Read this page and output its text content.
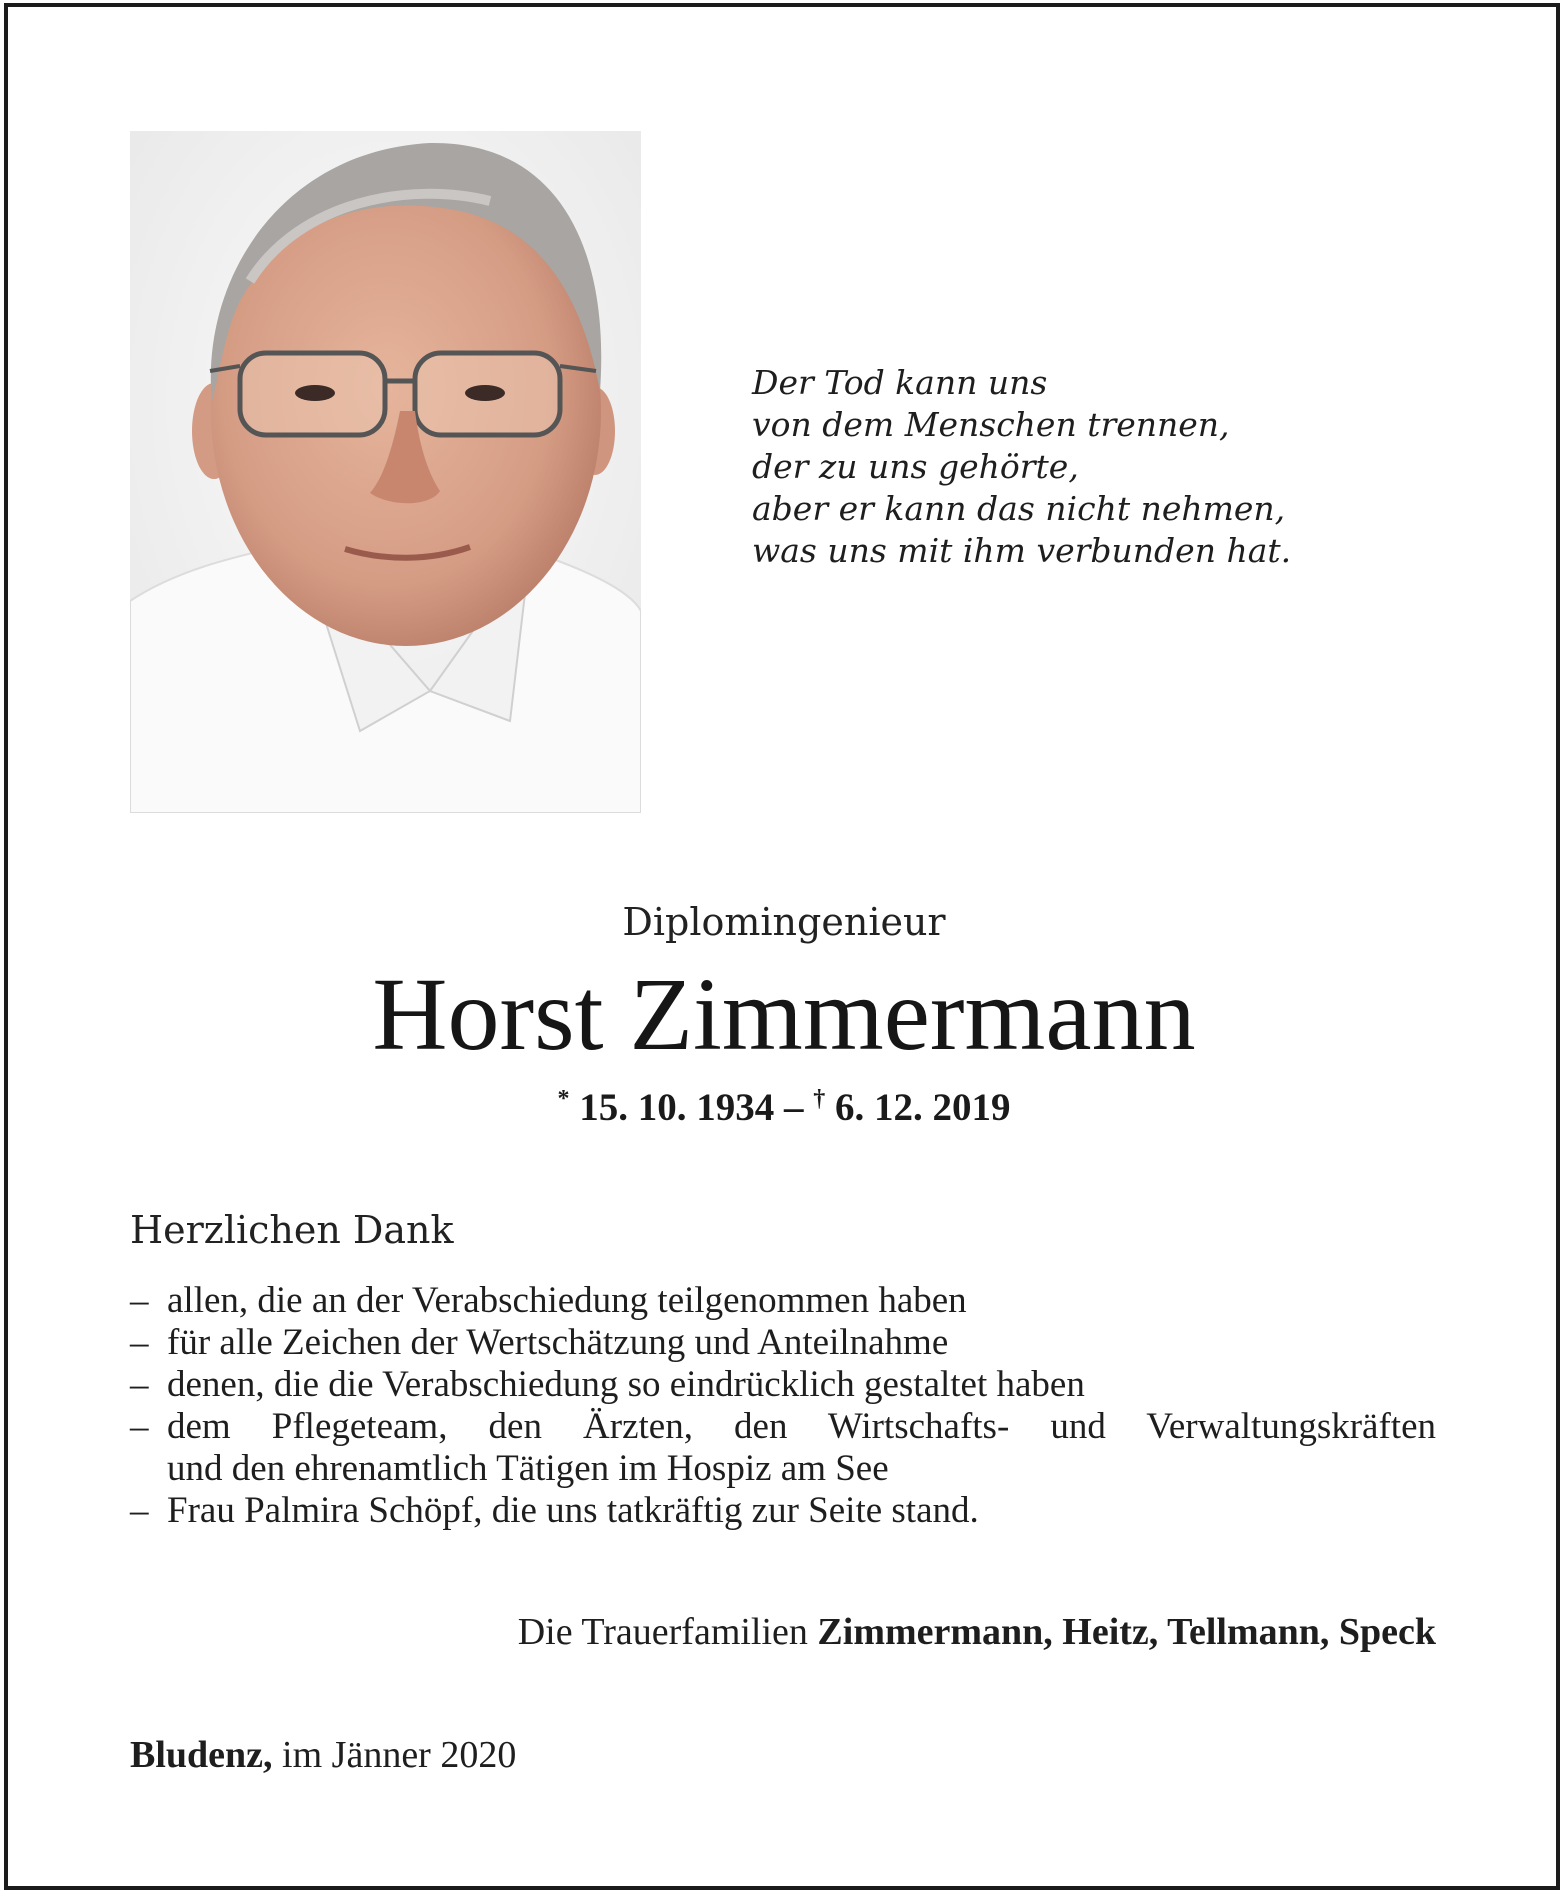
Der Tod kann uns
von dem Menschen trennen,
der zu uns gehörte,
aber er kann das nicht nehmen,
was uns mit ihm verbunden hat.
Diplomingenieur
Horst Zimmermann
* 15. 10. 1934 – † 6. 12. 2019
Herzlichen Dank
– allen, die an der Verabschiedung teilgenommen haben
– für alle Zeichen der Wertschätzung und Anteilnahme
– denen, die die Verabschiedung so eindrücklich gestaltet haben
– dem Pflegeteam, den Ärzten, den Wirtschafts- und Verwaltungskräften
und den ehrenamtlich Tätigen im Hospiz am See
– Frau Palmira Schöpf, die uns tatkräftig zur Seite stand.
Die Trauerfamilien Zimmermann, Heitz, Tellmann, Speck
Bludenz, im Jänner 2020
